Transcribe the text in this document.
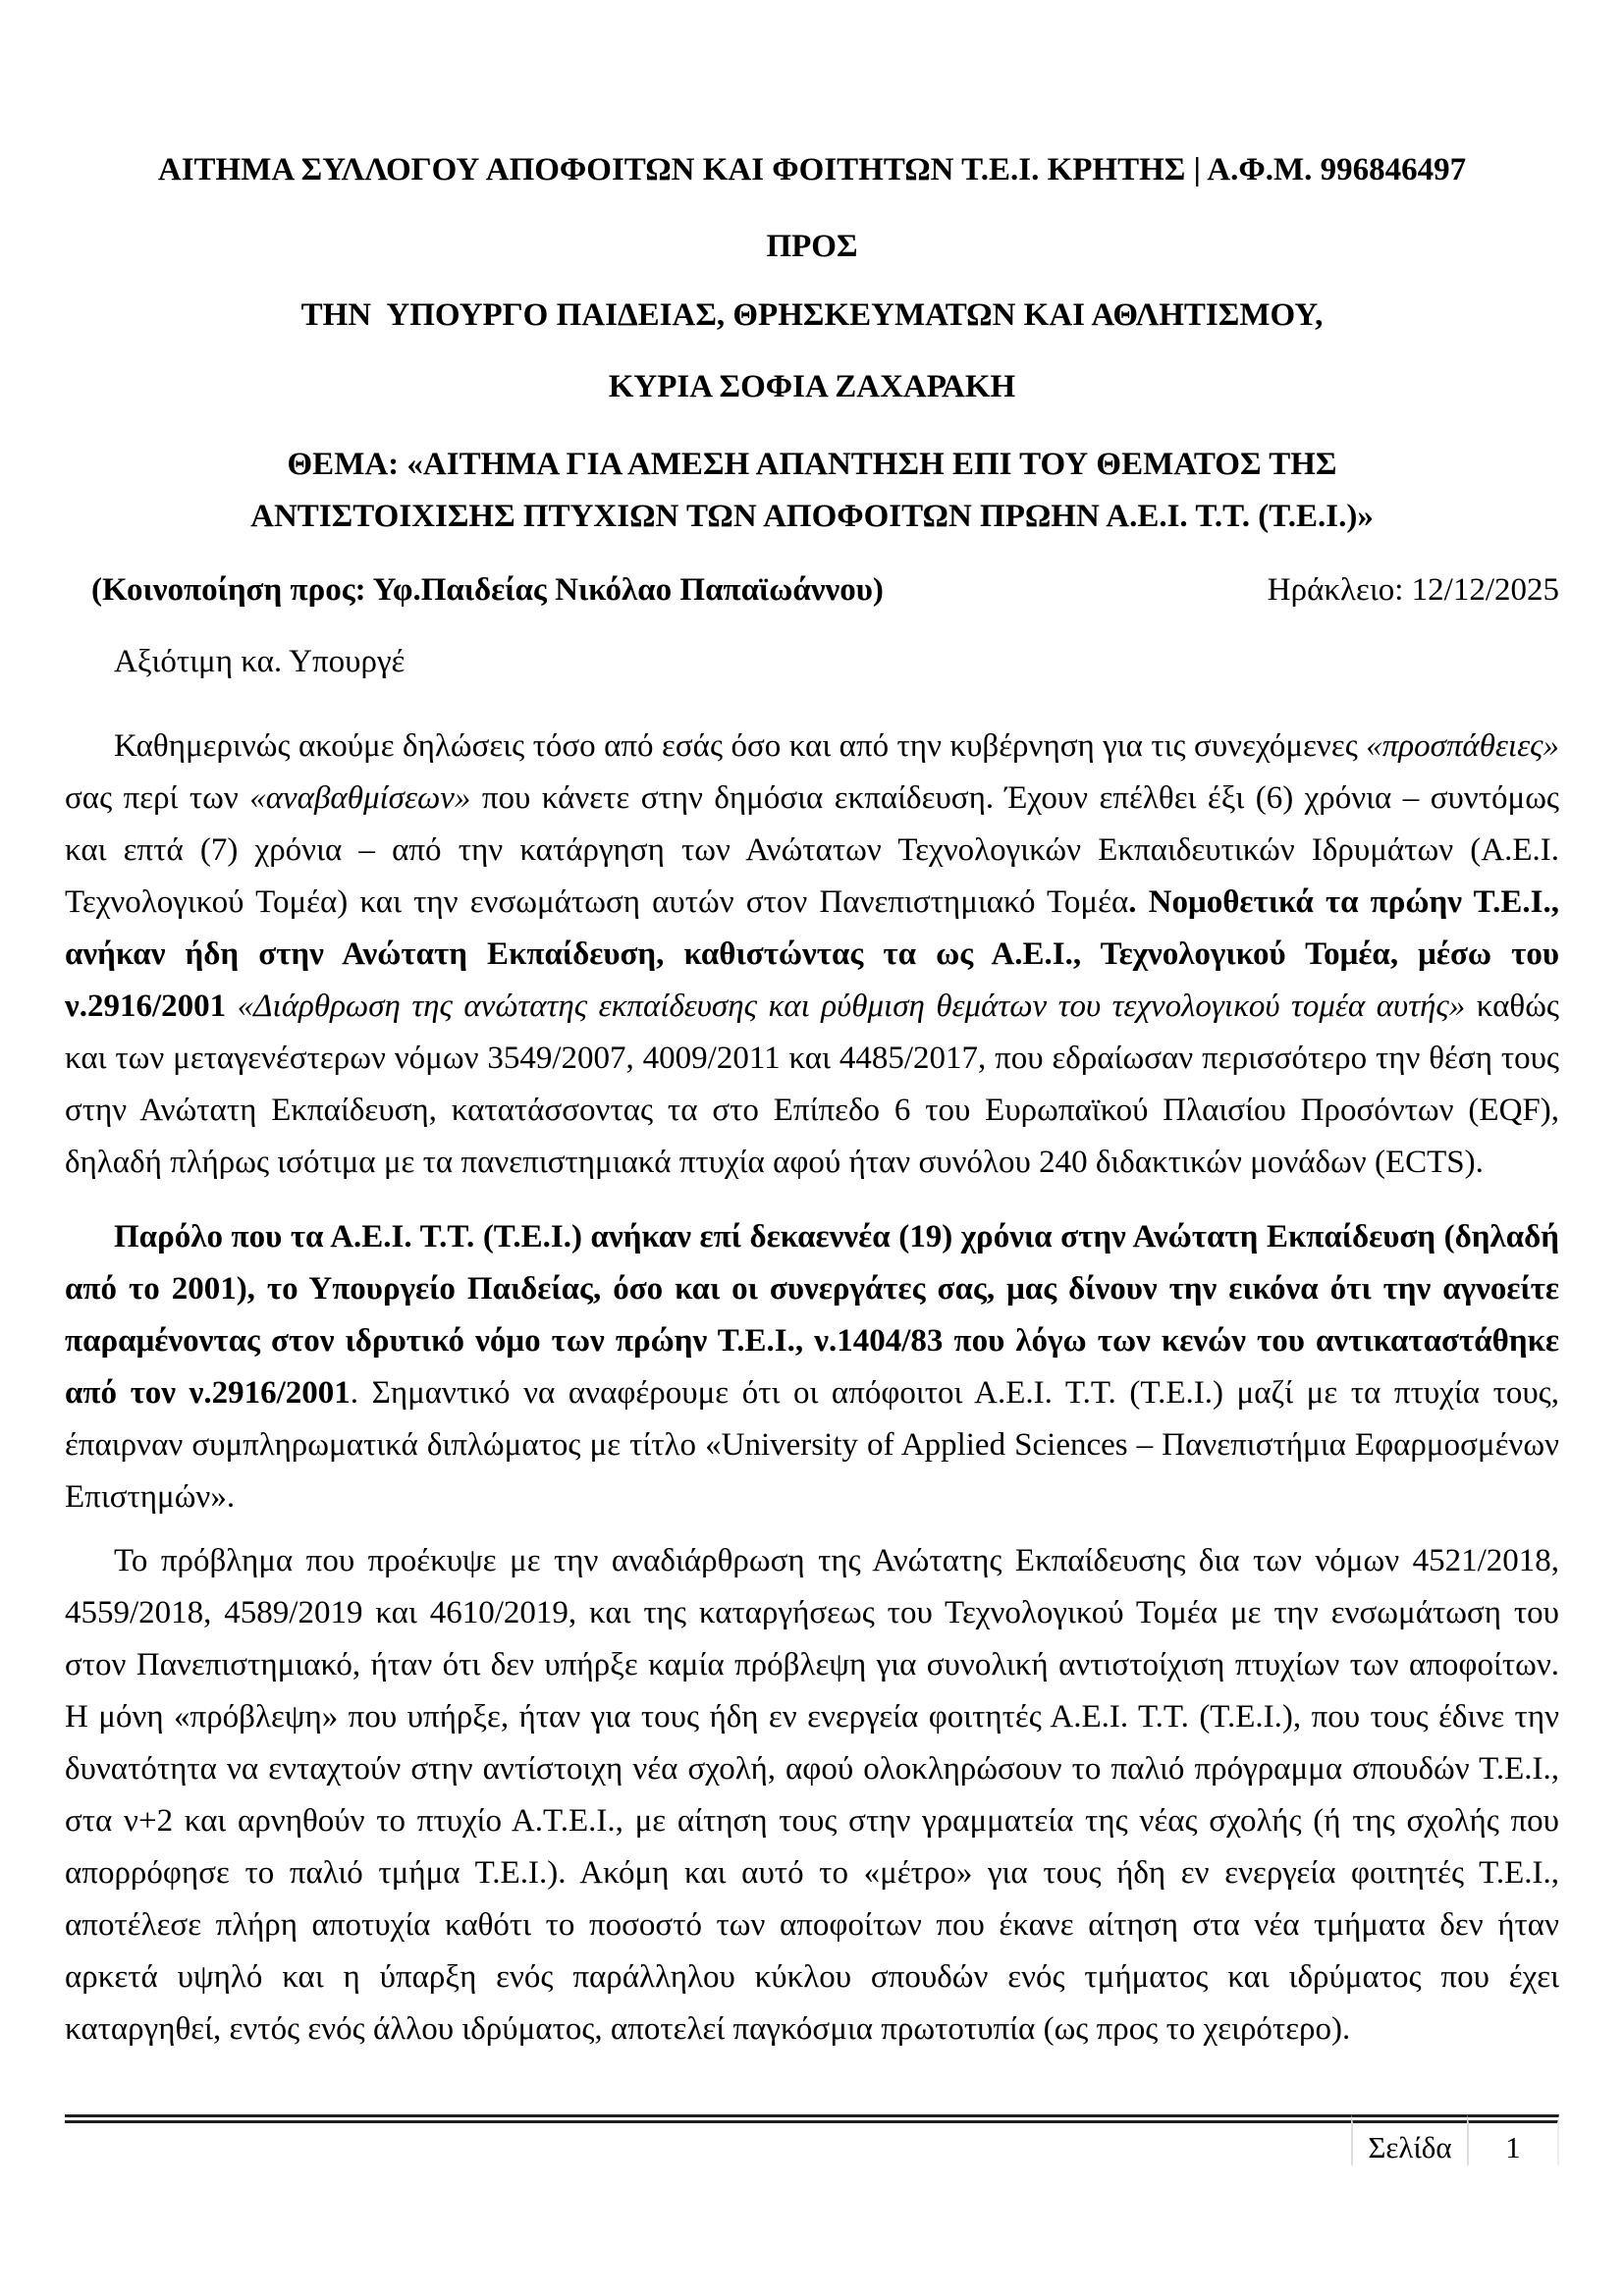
ΑΙΤΗΜΑ ΣΥΛΛΟΓΟΥ ΑΠΟΦΟΙΤΩΝ ΚΑΙ ΦΟΙΤΗΤΩΝ Τ.Ε.Ι. ΚΡΗΤΗΣ | Α.Φ.Μ. 996846497
ΠΡΟΣ
ΤΗΝ  ΥΠΟΥΡΓΟ ΠΑΙΔΕΙΑΣ, ΘΡΗΣΚΕΥΜΑΤΩΝ ΚΑΙ ΑΘΛΗΤΙΣΜΟΥ,
ΚΥΡΙΑ ΣΟΦΙΑ ΖΑΧΑΡΑΚΗ
ΘΕΜΑ: «ΑΙΤΗΜΑ ΓΙΑ ΑΜΕΣΗ ΑΠΑΝΤΗΣΗ ΕΠΙ ΤΟΥ ΘΕΜΑΤΟΣ ΤΗΣ ΑΝΤΙΣΤΟΙΧΙΣΗΣ ΠΤΥΧΙΩΝ ΤΩΝ ΑΠΟΦΟΙΤΩΝ ΠΡΩΗΝ Α.Ε.Ι. Τ.Τ. (Τ.Ε.Ι.)»
(Κοινοποίηση προς: Υφ.Παιδείας Νικόλαο Παπαϊωάννου)	Ηράκλειο: 12/12/2025

Αξιότιμη κα. Υπουργέ

Καθημερινώς ακούμε δηλώσεις τόσο από εσάς όσο και από την κυβέρνηση για τις συνεχόμενες «προσπάθειες» σας περί των «αναβαθμίσεων» που κάνετε στην δημόσια εκπαίδευση. Έχουν επέλθει έξι (6) χρόνια – συντόμως και επτά (7) χρόνια – από την κατάργηση των Ανώτατων Τεχνολογικών Εκπαιδευτικών Ιδρυμάτων (Α.Ε.Ι. Τεχνολογικού Τομέα) και την ενσωμάτωση αυτών στον Πανεπιστημιακό Τομέα. Νομοθετικά τα πρώην Τ.Ε.Ι., ανήκαν ήδη στην Ανώτατη Εκπαίδευση, καθιστώντας τα ως Α.Ε.Ι., Τεχνολογικού Τομέα, μέσω του ν.2916/2001 «Διάρθρωση της ανώτατης εκπαίδευσης και ρύθμιση θεμάτων του τεχνολογικού τομέα αυτής» καθώς και των μεταγενέστερων νόμων 3549/2007, 4009/2011 και 4485/2017, που εδραίωσαν περισσότερο την θέση τους στην Ανώτατη Εκπαίδευση, κατατάσσοντας τα στο Επίπεδο 6 του Ευρωπαϊκού Πλαισίου Προσόντων (EQF), δηλαδή πλήρως ισότιμα με τα πανεπιστημιακά πτυχία αφού ήταν συνόλου 240 διδακτικών μονάδων (ECTS).

Παρόλο που τα Α.Ε.Ι. Τ.Τ. (Τ.Ε.Ι.) ανήκαν επί δεκαεννέα (19) χρόνια στην Ανώτατη Εκπαίδευση (δηλαδή από το 2001), το Υπουργείο Παιδείας, όσο και οι συνεργάτες σας, μας δίνουν την εικόνα ότι την αγνοείτε παραμένοντας στον ιδρυτικό νόμο των πρώην Τ.Ε.Ι., ν.1404/83 που λόγω των κενών του αντικαταστάθηκε από τον ν.2916/2001. Σημαντικό να αναφέρουμε ότι οι απόφοιτοι Α.Ε.Ι. Τ.Τ. (Τ.Ε.Ι.) μαζί με τα πτυχία τους, έπαιρναν συμπληρωματικά διπλώματος με τίτλο «University of Applied Sciences – Πανεπιστήμια Εφαρμοσμένων Επιστημών».

Το πρόβλημα που προέκυψε με την αναδιάρθρωση της Ανώτατης Εκπαίδευσης δια των νόμων 4521/2018, 4559/2018, 4589/2019 και 4610/2019, και της καταργήσεως του Τεχνολογικού Τομέα με την ενσωμάτωση του στον Πανεπιστημιακό, ήταν ότι δεν υπήρξε καμία πρόβλεψη για συνολική αντιστοίχιση πτυχίων των αποφοίτων. Η μόνη «πρόβλεψη» που υπήρξε, ήταν για τους ήδη εν ενεργεία φοιτητές Α.Ε.Ι. Τ.Τ. (Τ.Ε.Ι.), που τους έδινε την δυνατότητα να ενταχτούν στην αντίστοιχη νέα σχολή, αφού ολοκληρώσουν το παλιό πρόγραμμα σπουδών Τ.Ε.Ι., στα ν+2 και αρνηθούν το πτυχίο Α.Τ.Ε.Ι., με αίτηση τους στην γραμματεία της νέας σχολής (ή της σχολής που απορρόφησε το παλιό τμήμα Τ.Ε.Ι.). Ακόμη και αυτό το «μέτρο» για τους ήδη εν ενεργεία φοιτητές Τ.Ε.Ι., αποτέλεσε πλήρη αποτυχία καθότι το ποσοστό των αποφοίτων που έκανε αίτηση στα νέα τμήματα δεν ήταν αρκετά υψηλό και η ύπαρξη ενός παράλληλου κύκλου σπουδών ενός τμήματος και ιδρύματος που έχει καταργηθεί, εντός ενός άλλου ιδρύματος, αποτελεί παγκόσμια πρωτοτυπία (ως προς το χειρότερο).

Σελίδα	1
